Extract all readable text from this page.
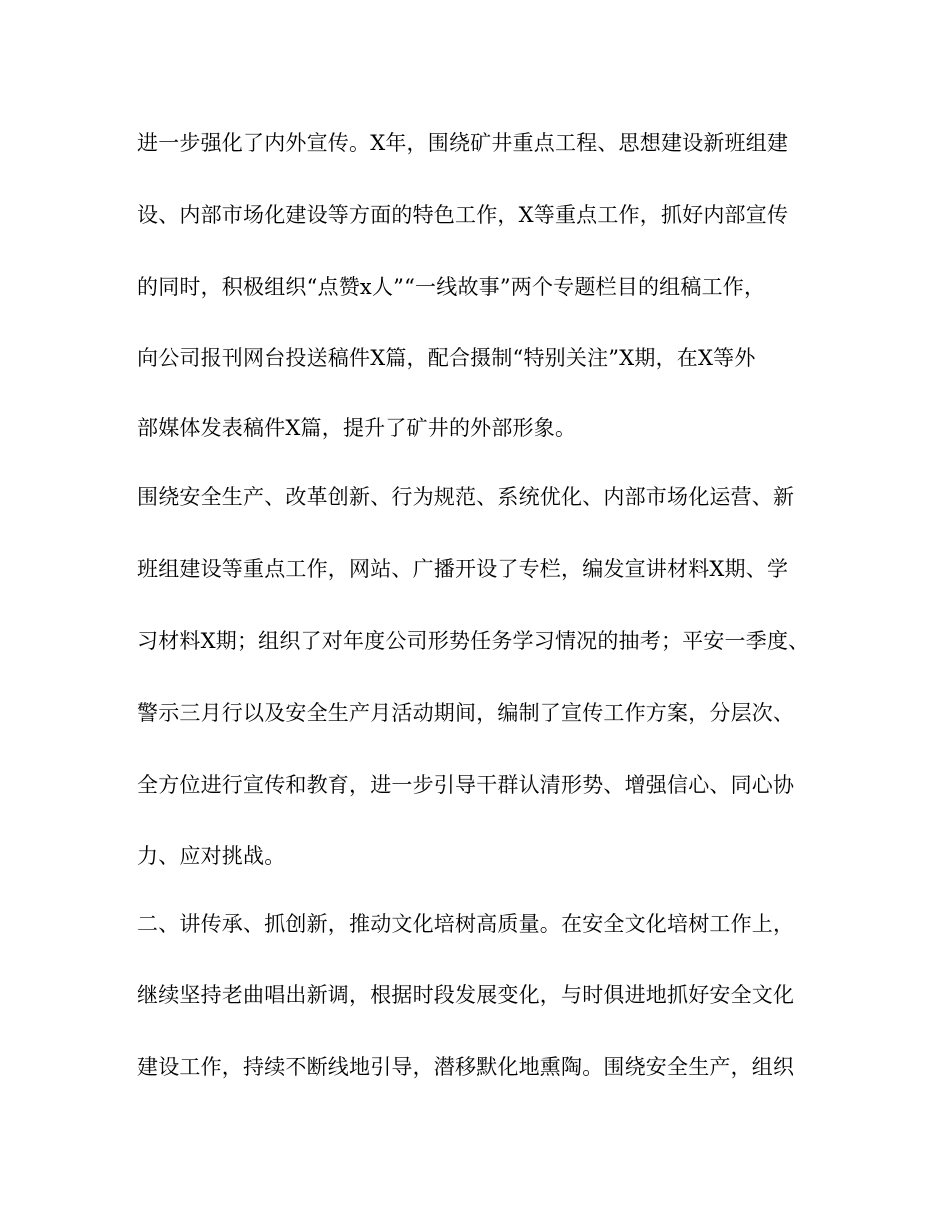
进一步强化了内外宣传。X年，围绕矿井重点工程、思想建设新班组建
设、内部市场化建设等方面的特色工作，X等重点工作，抓好内部宣传
的同时，积极组织“点赞x人”“一线故事”两个专题栏目的组稿工作，
向公司报刊网台投送稿件X篇，配合摄制“特别关注”X期，在X等外
部媒体发表稿件X篇，提升了矿井的外部形象。
围绕安全生产、改革创新、行为规范、系统优化、内部市场化运营、新
班组建设等重点工作，网站、广播开设了专栏，编发宣讲材料X期、学
习材料X期；组织了对年度公司形势任务学习情况的抽考；平安一季度、
警示三月行以及安全生产月活动期间，编制了宣传工作方案，分层次、
全方位进行宣传和教育，进一步引导干群认清形势、增强信心、同心协
力、应对挑战。
二、讲传承、抓创新，推动文化培树高质量。在安全文化培树工作上，
继续坚持老曲唱出新调，根据时段发展变化，与时俱进地抓好安全文化
建设工作，持续不断线地引导，潜移默化地熏陶。围绕安全生产，组织
